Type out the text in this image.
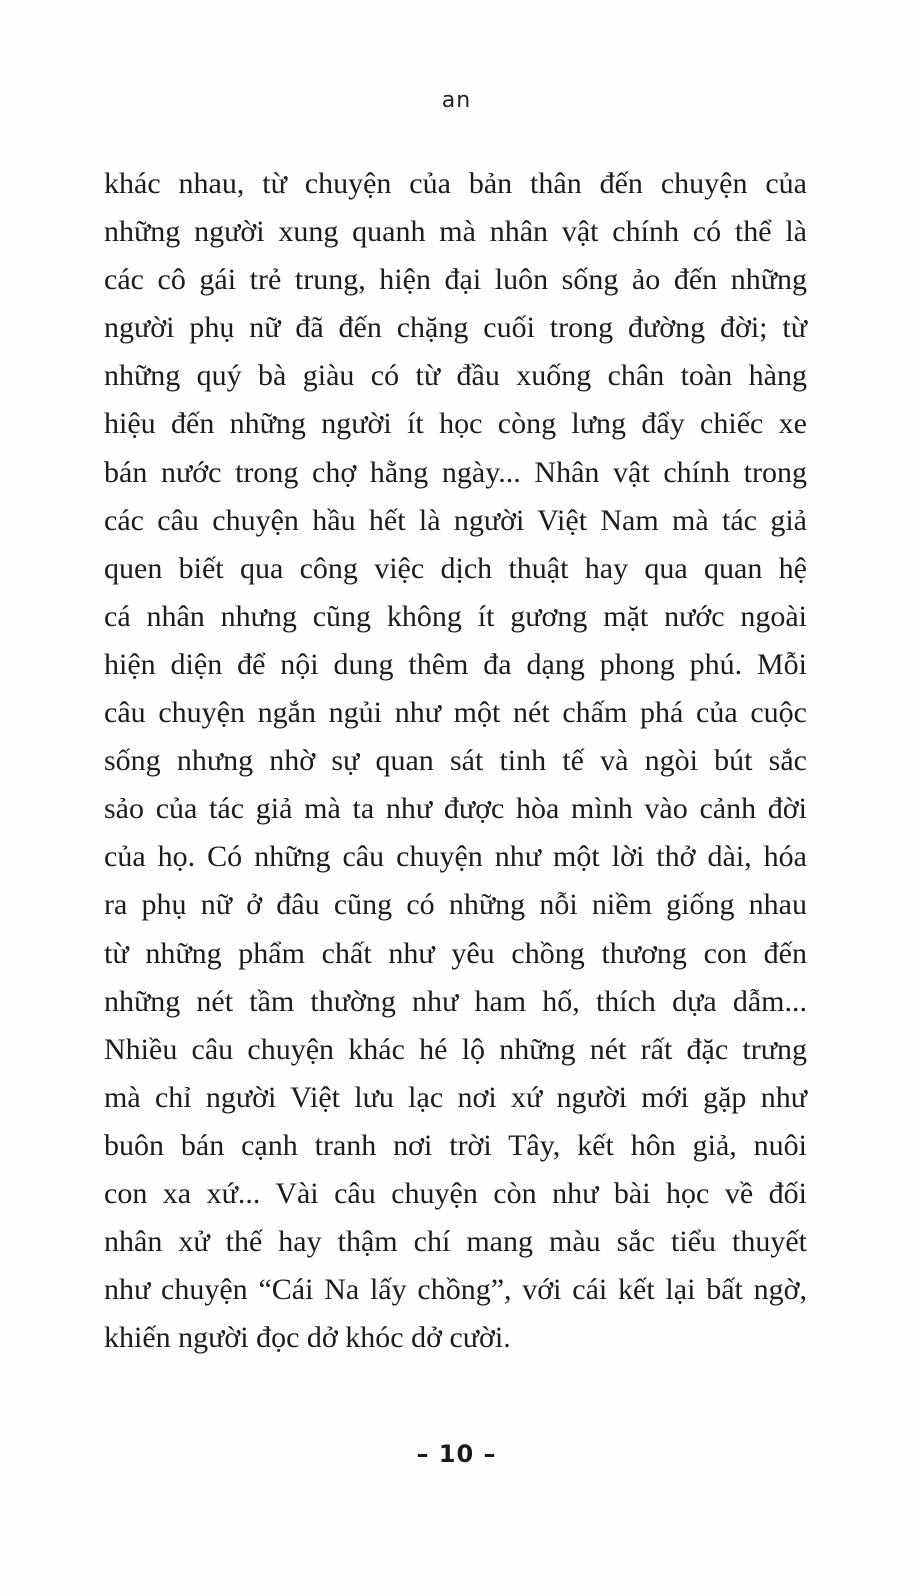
an
khác nhau, từ chuyện của bản thân đến chuyện của
những người xung quanh mà nhân vật chính có thể là
các cô gái trẻ trung, hiện đại luôn sống ảo đến những
người phụ nữ đã đến chặng cuối trong đường đời; từ
những quý bà giàu có từ đầu xuống chân toàn hàng
hiệu đến những người ít học còng lưng đẩy chiếc xe
bán nước trong chợ hằng ngày... Nhân vật chính trong
các câu chuyện hầu hết là người Việt Nam mà tác giả
quen biết qua công việc dịch thuật hay qua quan hệ
cá nhân nhưng cũng không ít gương mặt nước ngoài
hiện diện để nội dung thêm đa dạng phong phú. Mỗi
câu chuyện ngắn ngủi như một nét chấm phá của cuộc
sống nhưng nhờ sự quan sát tinh tế và ngòi bút sắc
sảo của tác giả mà ta như được hòa mình vào cảnh đời
của họ. Có những câu chuyện như một lời thở dài, hóa
ra phụ nữ ở đâu cũng có những nỗi niềm giống nhau
từ những phẩm chất như yêu chồng thương con đến
những nét tầm thường như ham hố, thích dựa dẫm...
Nhiều câu chuyện khác hé lộ những nét rất đặc trưng
mà chỉ người Việt lưu lạc nơi xứ người mới gặp như
buôn bán cạnh tranh nơi trời Tây, kết hôn giả, nuôi
con xa xứ... Vài câu chuyện còn như bài học về đối
nhân xử thế hay thậm chí mang màu sắc tiểu thuyết
như chuyện “Cái Na lấy chồng”, với cái kết lại bất ngờ,
khiến người đọc dở khóc dở cười.
– 10 –
